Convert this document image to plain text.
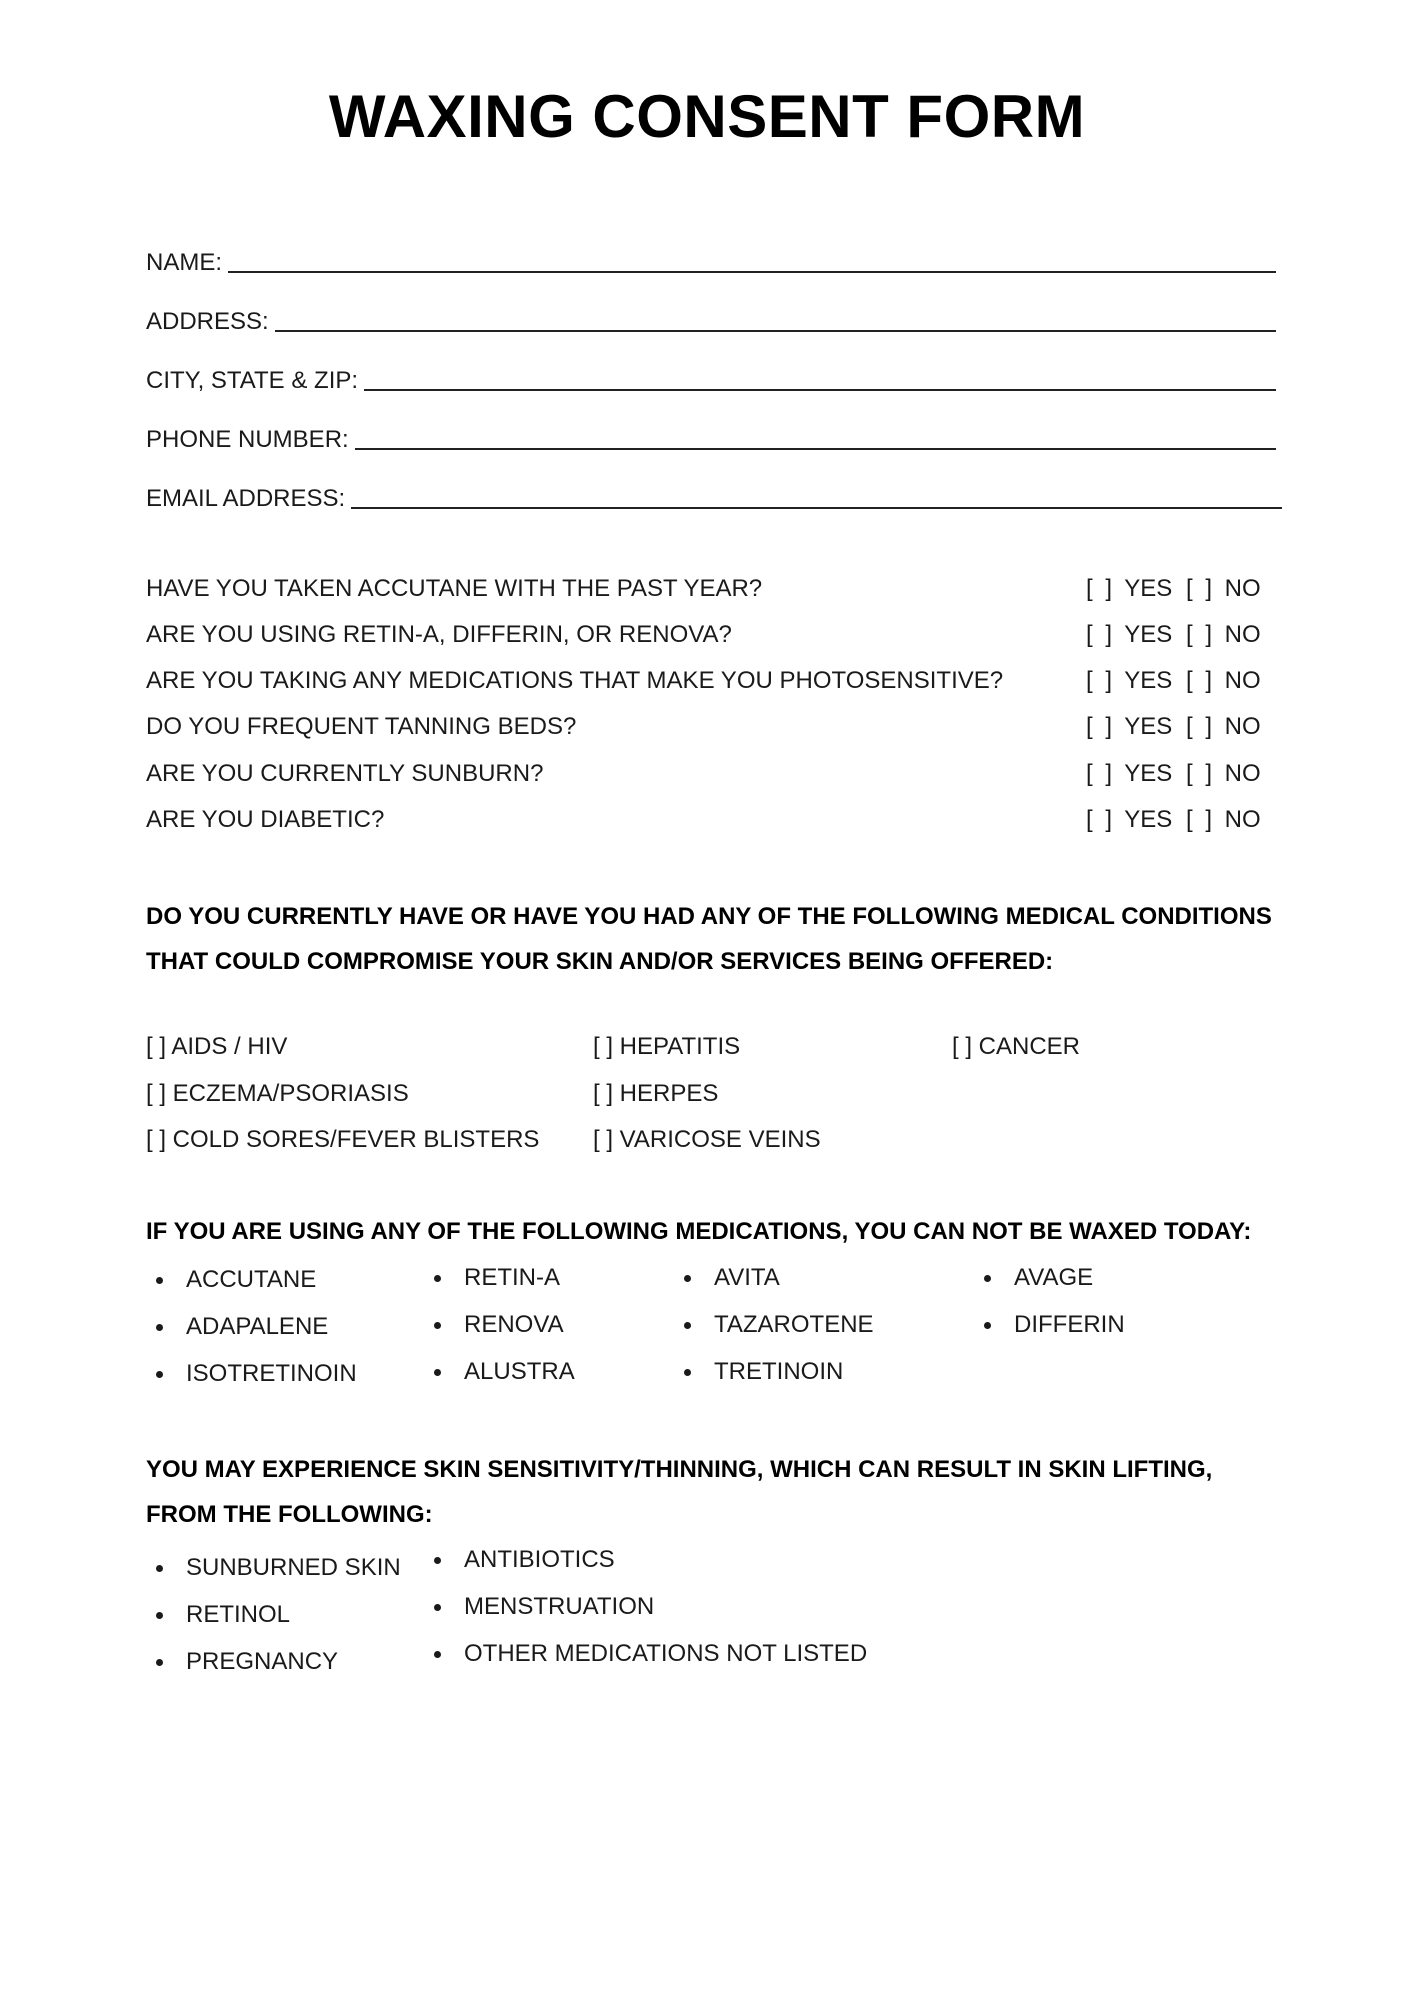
WAXING CONSENT FORM
NAME:
ADDRESS:
CITY, STATE & ZIP:
PHONE NUMBER:
EMAIL ADDRESS:
HAVE YOU TAKEN ACCUTANE WITH THE PAST YEAR?	[ ] YES [ ] NO
ARE YOU USING RETIN-A, DIFFERIN, OR RENOVA?	[ ] YES [ ] NO
ARE YOU TAKING ANY MEDICATIONS THAT MAKE YOU PHOTOSENSITIVE?	[ ] YES [ ] NO
DO YOU FREQUENT TANNING BEDS?	[ ] YES [ ] NO
ARE YOU CURRENTLY SUNBURN?	[ ] YES [ ] NO
ARE YOU DIABETIC?	[ ] YES [ ] NO
DO YOU CURRENTLY HAVE OR HAVE YOU HAD ANY OF THE FOLLOWING MEDICAL CONDITIONS THAT COULD COMPROMISE YOUR SKIN AND/OR SERVICES BEING OFFERED:
[ ] AIDS / HIV	[ ] HEPATITIS	[ ] CANCER
[ ] ECZEMA/PSORIASIS	[ ] HERPES
[ ] COLD SORES/FEVER BLISTERS [ ] VARICOSE VEINS
IF YOU ARE USING ANY OF THE FOLLOWING MEDICATIONS, YOU CAN NOT BE WAXED TODAY:
ACCUTANE
ADAPALENE
ISOTRETINOIN
RETIN-A
RENOVA
ALUSTRA
AVITA
TAZAROTENE
TRETINOIN
AVAGE
DIFFERIN
YOU MAY EXPERIENCE SKIN SENSITIVITY/THINNING, WHICH CAN RESULT IN SKIN LIFTING, FROM THE FOLLOWING:
SUNBURNED SKIN
RETINOL
PREGNANCY
ANTIBIOTICS
MENSTRUATION
OTHER MEDICATIONS NOT LISTED
